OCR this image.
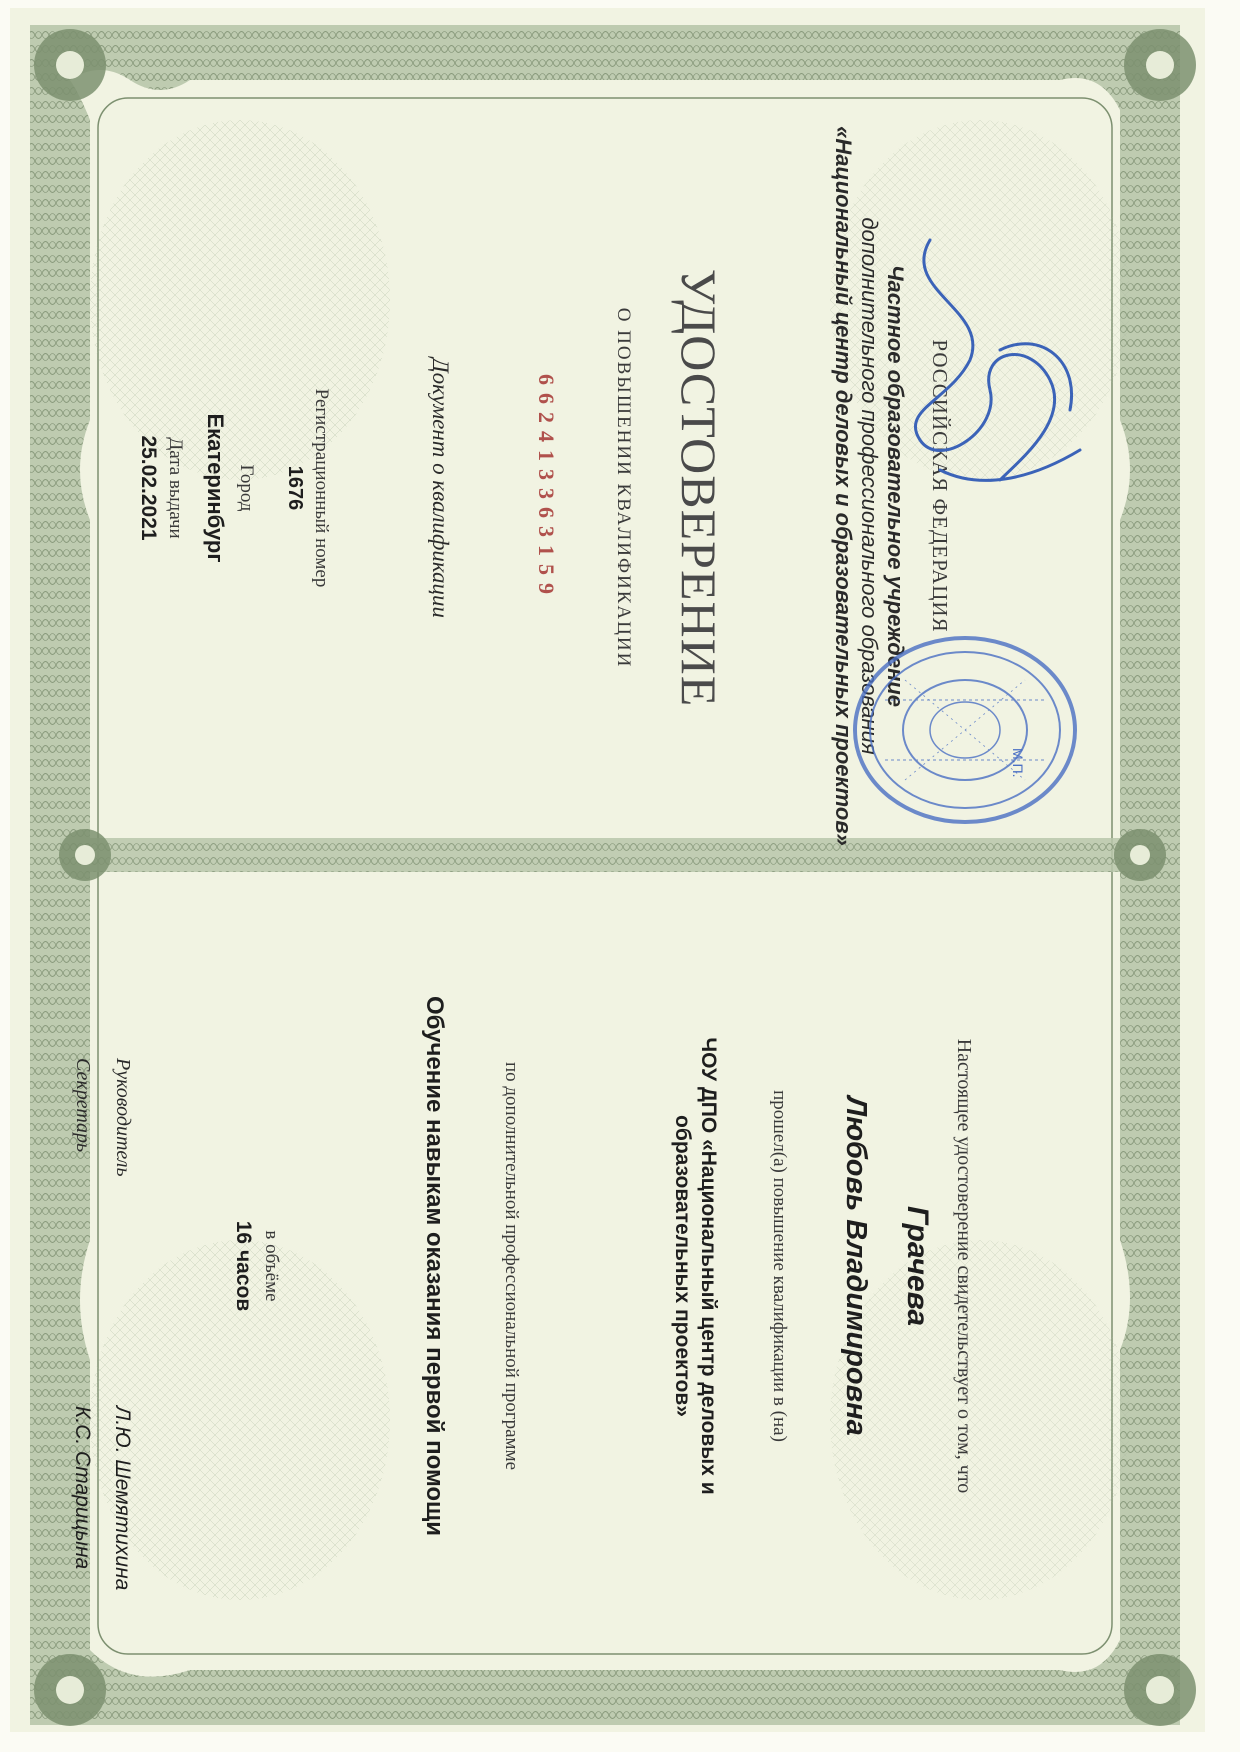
РОССИЙСКАЯ ФЕДЕРАЦИЯ
Частное образовательное учреждение
дополнительного профессионального образования
«Национальный центр деловых и образовательных проектов»
УДОСТОВЕРЕНИЕ
О ПОВЫШЕНИИ КВАЛИФИКАЦИИ
662413363159
Документ о квалификации
Регистрационный номер
1676
Город
Екатеринбург
Дата выдачи
25.02.2021
Настоящее удостоверение свидетельствует о том, что
Грачева
Любовь Владимировна
прошел(а) повышение квалификации в (на)
ЧОУ ДПО «Национальный центр деловых и
образовательных проектов»
по дополнительной профессиональной программе
Обучение навыкам оказания первой помощи
в объёме
16 часов
Руководитель
Л.Ю. Шемятихина
Секретарь
К.С. Старицына
М.П.
